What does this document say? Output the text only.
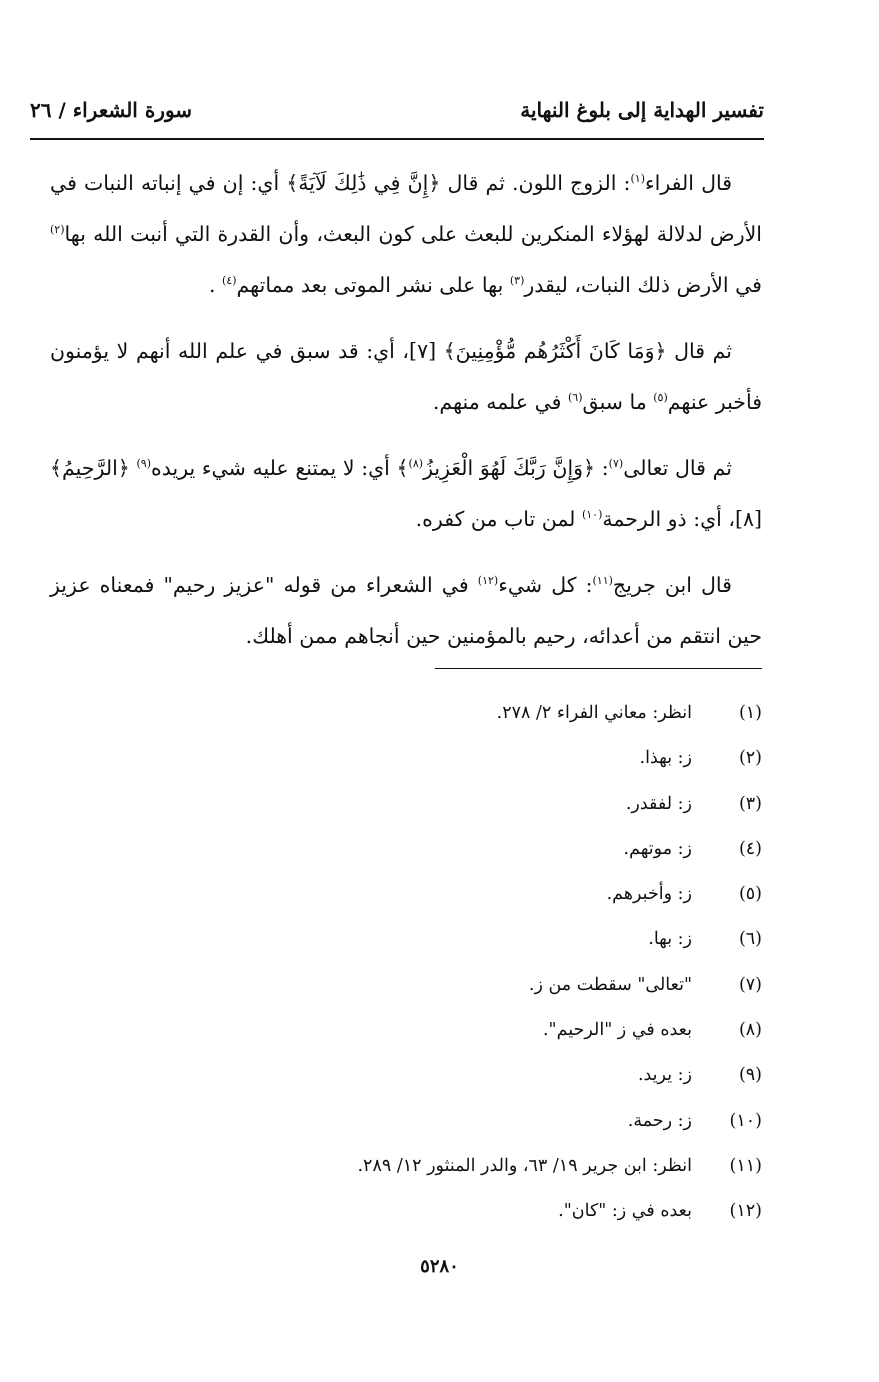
تفسير الهداية إلى بلوغ النهاية
سورة الشعراء / ٢٦

قال الفراء$^{(١)}$: الزوج اللون. ثم قال ﴿إِنَّ فِي ذَٰلِكَ لَآيَةً﴾ أي: إن في إنباته النبات في الأرض لدلالة لهؤلاء المنكرين للبعث على كون البعث، وأن القدرة التي أنبت الله بها$^{(٢)}$ في الأرض ذلك النبات، ليقدر$^{(٣)}$ بها على نشر الموتى بعد مماتهم$^{(٤)}$ .

ثم قال ﴿وَمَا كَانَ أَكْثَرُهُم مُّؤْمِنِينَ﴾ [٧]، أي: قد سبق في علم الله أنهم لا يؤمنون فأخبر عنهم$^{(٥)}$ ما سبق$^{(٦)}$ في علمه منهم.

ثم قال تعالى$^{(٧)}$: ﴿وَإِنَّ رَبَّكَ لَهُوَ الْعَزِيزُ$^{(٨)}$﴾ أي: لا يمتنع عليه شيء يريده$^{(٩)}$ ﴿الرَّحِيمُ﴾ [٨]، أي: ذو الرحمة$^{(١٠)}$ لمن تاب من كفره.

قال ابن جريج$^{(١١)}$: كل شيء$^{(١٢)}$ في الشعراء من قوله "عزيز رحيم" فمعناه عزيز حين انتقم من أعدائه، رحيم بالمؤمنين حين أنجاهم ممن أهلك.

(١)
انظر: معاني الفراء ٢/ ٢٧٨.
(٢)
ز: بهذا.
(٣)
ز: لفقدر.
(٤)
ز: موتهم.
(٥)
ز: وأخبرهم.
(٦)
ز: بها.
(٧)
"تعالى" سقطت من ز.
(٨)
بعده في ز "الرحيم".
(٩)
ز: يريد.
(١٠)
ز: رحمة.
(١١)
انظر: ابن جرير ١٩/ ٦٣، والدر المنثور ١٢/ ٢٨٩.
(١٢)
بعده في ز: "كان".
٥٢٨٠
